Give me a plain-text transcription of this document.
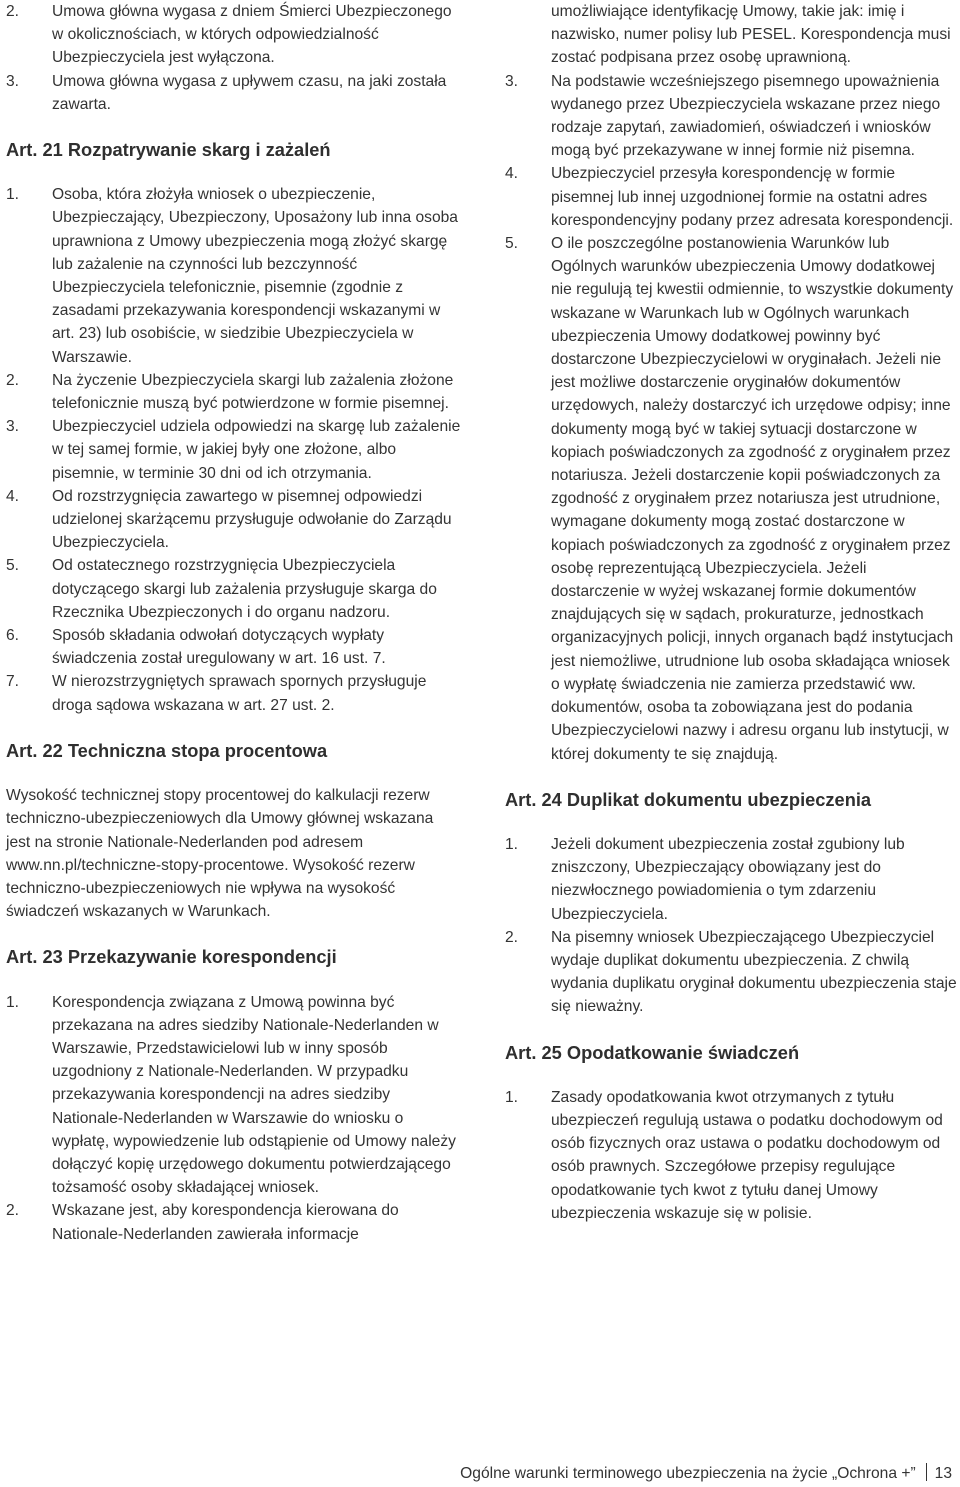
2.	Umowa główna wygasa z dniem Śmierci Ubezpieczonego w okolicznościach, w których odpowiedzialność Ubezpieczyciela jest wyłączona.
3.	Umowa główna wygasa z upływem czasu, na jaki została zawarta.
Art. 21 Rozpatrywanie skarg i zażaleń
1.	Osoba, która złożyła wniosek o ubezpieczenie, Ubezpieczający, Ubezpieczony, Uposażony lub inna osoba uprawniona z Umowy ubezpieczenia mogą złożyć skargę lub zażalenie na czynności lub bezczynność Ubezpieczyciela telefonicznie, pisemnie (zgodnie z zasadami przekazywania korespondencji wskazanymi w art. 23) lub osobiście, w siedzibie Ubezpieczyciela w Warszawie.
2.	Na życzenie Ubezpieczyciela skargi lub zażalenia złożone telefonicznie muszą być potwierdzone w formie pisemnej.
3.	Ubezpieczyciel udziela odpowiedzi na skargę lub zażalenie w tej samej formie, w jakiej były one złożone, albo pisemnie, w terminie 30 dni od ich otrzymania.
4.	Od rozstrzygnięcia zawartego w pisemnej odpowiedzi udzielonej skarżącemu przysługuje odwołanie do Zarządu Ubezpieczyciela.
5.	Od ostatecznego rozstrzygnięcia Ubezpieczyciela dotyczącego skargi lub zażalenia przysługuje skarga do Rzecznika Ubezpieczonych i do organu nadzoru.
6.	Sposób składania odwołań dotyczących wypłaty świadczenia został uregulowany w art. 16 ust. 7.
7.	W nierozstrzygniętych sprawach spornych przysługuje droga sądowa wskazana w art. 27 ust. 2.
Art. 22 Techniczna stopa procentowa

Wysokość technicznej stopy procentowej do kalkulacji rezerw techniczno-ubezpieczeniowych dla Umowy głównej wskazana jest na stronie Nationale-Nederlanden pod adresem www.nn.pl/techniczne-stopy-procentowe. Wysokość rezerw techniczno-ubezpieczeniowych nie wpływa na wysokość świadczeń wskazanych w Warunkach.

Art. 23 Przekazywanie korespondencji
1.	Korespondencja związana z Umową powinna być przekazana na adres siedziby Nationale-Nederlanden w Warszawie, Przedstawicielowi lub w inny sposób uzgodniony z Nationale-Nederlanden. W przypadku przekazywania korespondencji na adres siedziby Nationale-Nederlanden w Warszawie do wniosku o wypłatę, wypowiedzenie lub odstąpienie od Umowy należy dołączyć kopię urzędowego dokumentu potwierdzającego tożsamość osoby składającej wniosek.
2.	Wskazane jest, aby korespondencja kierowana do Nationale-Nederlanden zawierała informacje

umożliwiające identyfikację Umowy, takie jak: imię i nazwisko, numer polisy lub PESEL. Korespondencja musi zostać podpisana przez osobę uprawnioną.

3.	Na podstawie wcześniejszego pisemnego upoważnienia wydanego przez Ubezpieczyciela wskazane przez niego rodzaje zapytań, zawiadomień, oświadczeń i wniosków mogą być przekazywane w innej formie niż pisemna.
4.	Ubezpieczyciel przesyła korespondencję w formie pisemnej lub innej uzgodnionej formie na ostatni adres korespondencyjny podany przez adresata korespondencji.
5.	O ile poszczególne postanowienia Warunków lub Ogólnych warunków ubezpieczenia Umowy dodatkowej nie regulują tej kwestii odmiennie, to wszystkie dokumenty wskazane w Warunkach lub w Ogólnych warunkach ubezpieczenia Umowy dodatkowej powinny być dostarczone Ubezpieczycielowi w oryginałach. Jeżeli nie jest możliwe dostarczenie oryginałów dokumentów urzędowych, należy dostarczyć ich urzędowe odpisy; inne dokumenty mogą być w takiej sytuacji dostarczone w kopiach poświadczonych za zgodność z oryginałem przez notariusza. Jeżeli dostarczenie kopii poświadczonych za zgodność z oryginałem przez notariusza jest utrudnione, wymagane dokumenty mogą zostać dostarczone w kopiach poświadczonych za zgodność z oryginałem przez osobę reprezentującą Ubezpieczyciela. Jeżeli dostarczenie w wyżej wskazanej formie dokumentów znajdujących się w sądach, prokuraturze, jednostkach organizacyjnych policji, innych organach bądź instytucjach jest niemożliwe, utrudnione lub osoba składająca wniosek o wypłatę świadczenia nie zamierza przedstawić ww. dokumentów, osoba ta zobowiązana jest do podania Ubezpieczycielowi nazwy i adresu organu lub instytucji, w której dokumenty te się znajdują.
Art. 24 Duplikat dokumentu ubezpieczenia
1.	Jeżeli dokument ubezpieczenia został zgubiony lub zniszczony, Ubezpieczający obowiązany jest do niezwłocznego powiadomienia o tym zdarzeniu Ubezpieczyciela.
2.	Na pisemny wniosek Ubezpieczającego Ubezpieczyciel wydaje duplikat dokumentu ubezpieczenia. Z chwilą wydania duplikatu oryginał dokumentu ubezpieczenia staje się nieważny.
Art. 25 Opodatkowanie świadczeń
1.	Zasady opodatkowania kwot otrzymanych z tytułu ubezpieczeń regulują ustawa o podatku dochodowym od osób fizycznych oraz ustawa o podatku dochodowym od osób prawnych. Szczegółowe przepisy regulujące opodatkowanie tych kwot z tytułu danej Umowy ubezpieczenia wskazuje się w polisie.
Ogólne warunki terminowego ubezpieczenia na życie „Ochrona +” 13
